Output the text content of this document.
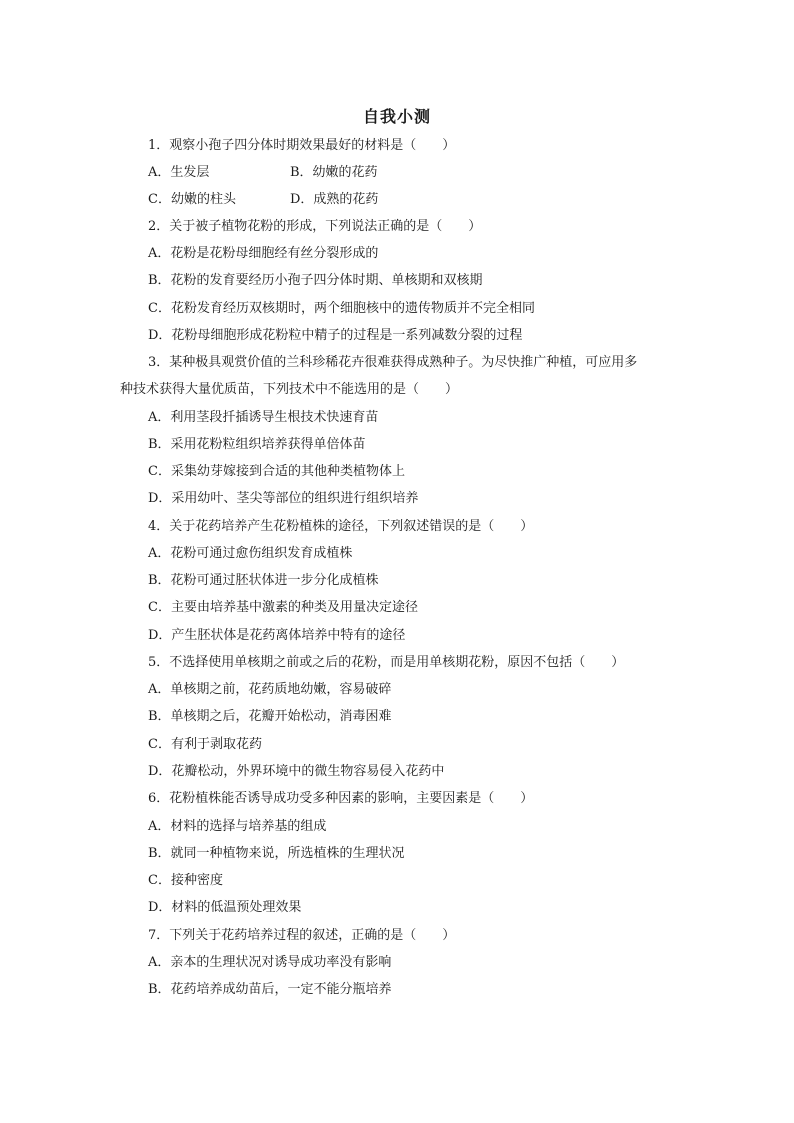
自我小测
1．观察小孢子四分体时期效果最好的材料是（　　）
A．生发层	B．幼嫩的花药
C．幼嫩的柱头	D．成熟的花药
2．关于被子植物花粉的形成，下列说法正确的是（　　）
A．花粉是花粉母细胞经有丝分裂形成的
B．花粉的发育要经历小孢子四分体时期、单核期和双核期
C．花粉发育经历双核期时，两个细胞核中的遗传物质并不完全相同
D．花粉母细胞形成花粉粒中精子的过程是一系列减数分裂的过程
3．某种极具观赏价值的兰科珍稀花卉很难获得成熟种子。为尽快推广种植，可应用多
种技术获得大量优质苗，下列技术中不能选用的是（　　）
A．利用茎段扦插诱导生根技术快速育苗
B．采用花粉粒组织培养获得单倍体苗
C．采集幼芽嫁接到合适的其他种类植物体上
D．采用幼叶、茎尖等部位的组织进行组织培养
4．关于花药培养产生花粉植株的途径，下列叙述错误的是（　　）
A．花粉可通过愈伤组织发育成植株
B．花粉可通过胚状体进一步分化成植株
C．主要由培养基中激素的种类及用量决定途径
D．产生胚状体是花药离体培养中特有的途径
5．不选择使用单核期之前或之后的花粉，而是用单核期花粉，原因不包括（　　）
A．单核期之前，花药质地幼嫩，容易破碎
B．单核期之后，花瓣开始松动，消毒困难
C．有利于剥取花药
D．花瓣松动，外界环境中的微生物容易侵入花药中
6．花粉植株能否诱导成功受多种因素的影响，主要因素是（　　）
A．材料的选择与培养基的组成
B．就同一种植物来说，所选植株的生理状况
C．接种密度
D．材料的低温预处理效果
7．下列关于花药培养过程的叙述，正确的是（　　）
A．亲本的生理状况对诱导成功率没有影响
B．花药培养成幼苗后，一定不能分瓶培养
